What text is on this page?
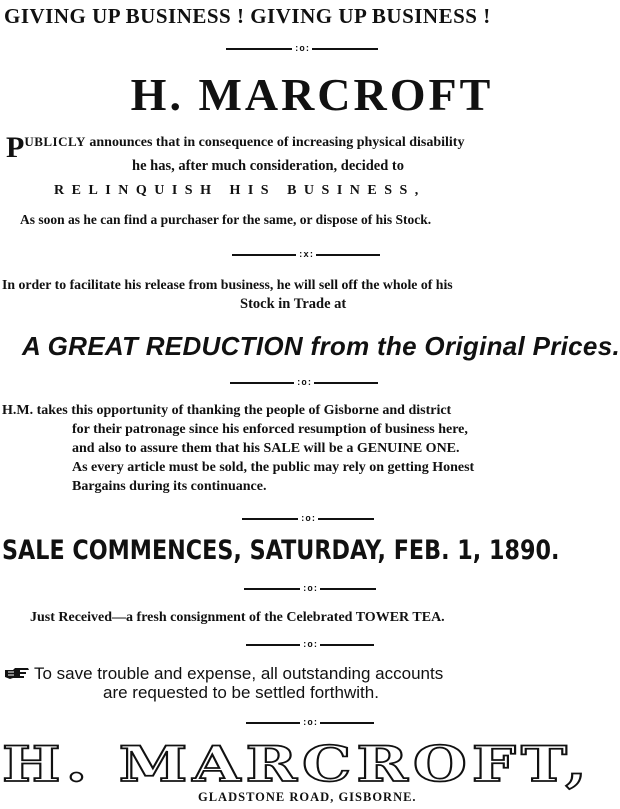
GIVING UP BUSINESS ! GIVING UP BUSINESS !
:o:
H. MARCROFT
PUBLICLY announces that in consequence of increasing physical disability
he has, after much consideration, decided to
RELINQUISH HIS BUSINESS,
As soon as he can find a purchaser for the same, or dispose of his Stock.
:x:
In order to facilitate his release from business, he will sell off the whole of his
Stock in Trade at
A GREAT REDUCTION from the Original Prices.
:o:
H.M. takes this opportunity of thanking the people of Gisborne and district
for their patronage since his enforced resumption of business here,
and also to assure them that his SALE will be a GENUINE ONE.
As every article must be sold, the public may rely on getting Honest
Bargains during its continuance.
:o:
SALE COMMENCES, SATURDAY, FEB. 1, 1890.
:o:
Just Received—a fresh consignment of the Celebrated TOWER TEA.
:o:
To save trouble and expense, all outstanding accounts
are requested to be settled forthwith.
:o:
H. MARCROFT,
GLADSTONE ROAD, GISBORNE.
